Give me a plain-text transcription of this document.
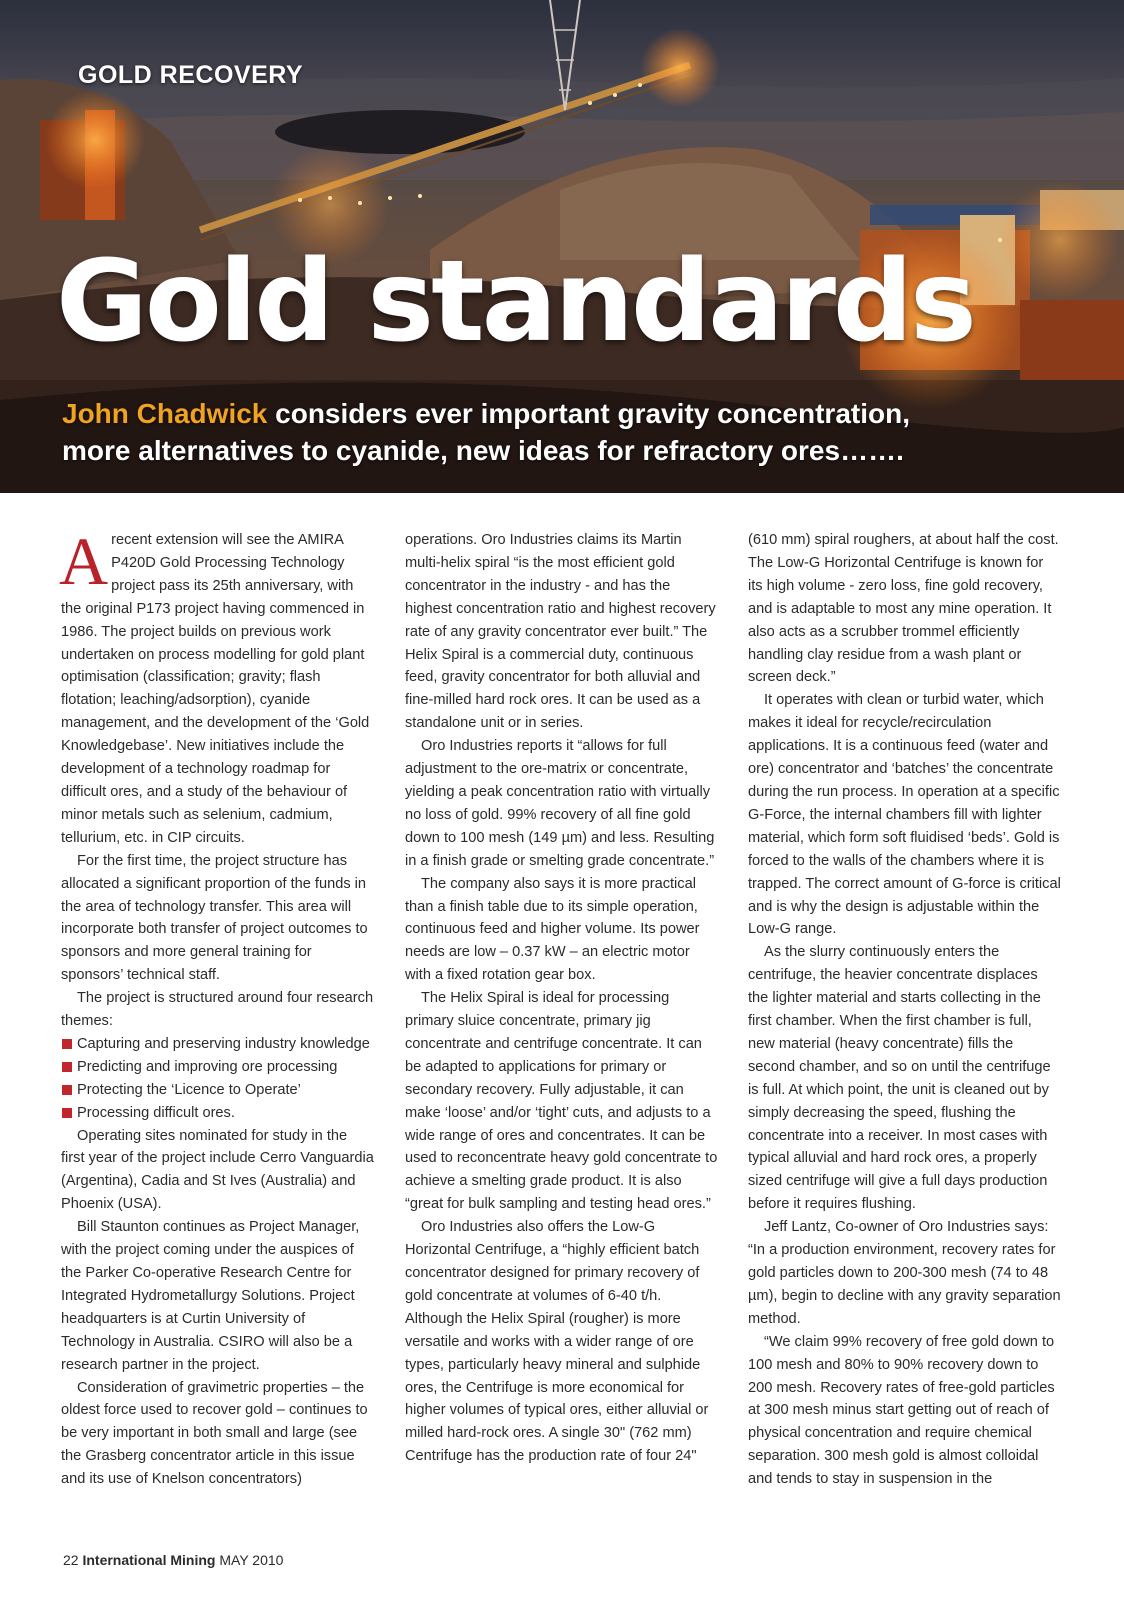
GOLD RECOVERY
Gold standards
John Chadwick considers ever important gravity concentration,
more alternatives to cyanide, new ideas for refractory ores…….

Arecent extension will see the AMIRA P420D Gold Processing Technology project pass its 25th anniversary, with the original P173 project having commenced in 1986. The project builds on previous work undertaken on process modelling for gold plant optimisation (classification; gravity; flash flotation; leaching/adsorption), cyanide management, and the development of the ‘Gold Knowledgebase’. New initiatives include the development of a technology roadmap for difficult ores, and a study of the behaviour of minor metals such as selenium, cadmium, tellurium, etc. in CIP circuits.

For the first time, the project structure has allocated a significant proportion of the funds in the area of technology transfer. This area will incorporate both transfer of project outcomes to sponsors and more general training for sponsors’ technical staff.

The project is structured around four research themes:

Capturing and preserving industry knowledge
Predicting and improving ore processing
Protecting the ‘Licence to Operate’
Processing difficult ores.

Operating sites nominated for study in the first year of the project include Cerro Vanguardia (Argentina), Cadia and St Ives (Australia) and Phoenix (USA).

Bill Staunton continues as Project Manager, with the project coming under the auspices of the Parker Co-operative Research Centre for Integrated Hydrometallurgy Solutions. Project headquarters is at Curtin University of Technology in Australia. CSIRO will also be a research partner in the project.

Consideration of gravimetric properties – the oldest force used to recover gold – continues to be very important in both small and large (see the Grasberg concentrator article in this issue and its use of Knelson concentrators)

operations. Oro Industries claims its Martin multi-helix spiral “is the most efficient gold concentrator in the industry - and has the highest concentration ratio and highest recovery rate of any gravity concentrator ever built.” The Helix Spiral is a commercial duty, continuous feed, gravity concentrator for both alluvial and fine-milled hard rock ores. It can be used as a standalone unit or in series.

Oro Industries reports it “allows for full adjustment to the ore-matrix or concentrate, yielding a peak concentration ratio with virtually no loss of gold. 99% recovery of all fine gold down to 100 mesh (149 µm) and less. Resulting in a finish grade or smelting grade concentrate.”

The company also says it is more practical than a finish table due to its simple operation, continuous feed and higher volume. Its power needs are low – 0.37 kW – an electric motor with a fixed rotation gear box.

The Helix Spiral is ideal for processing primary sluice concentrate, primary jig concentrate and centrifuge concentrate. It can be adapted to applications for primary or secondary recovery. Fully adjustable, it can make ‘loose’ and/or ‘tight’ cuts, and adjusts to a wide range of ores and concentrates. It can be used to reconcentrate heavy gold concentrate to achieve a smelting grade product. It is also “great for bulk sampling and testing head ores.”

Oro Industries also offers the Low-G Horizontal Centrifuge, a “highly efficient batch concentrator designed for primary recovery of gold concentrate at volumes of 6-40 t/h. Although the Helix Spiral (rougher) is more versatile and works with a wider range of ore types, particularly heavy mineral and sulphide ores, the Centrifuge is more economical for higher volumes of typical ores, either alluvial or milled hard-rock ores. A single 30" (762 mm) Centrifuge has the production rate of four 24"

(610 mm) spiral roughers, at about half the cost. The Low-G Horizontal Centrifuge is known for its high volume - zero loss, fine gold recovery, and is adaptable to most any mine operation. It also acts as a scrubber trommel efficiently handling clay residue from a wash plant or screen deck.”

It operates with clean or turbid water, which makes it ideal for recycle/recirculation applications. It is a continuous feed (water and ore) concentrator and ‘batches’ the concentrate during the run process. In operation at a specific G-Force, the internal chambers fill with lighter material, which form soft fluidised ‘beds’. Gold is forced to the walls of the chambers where it is trapped. The correct amount of G-force is critical and is why the design is adjustable within the Low-G range.

As the slurry continuously enters the centrifuge, the heavier concentrate displaces the lighter material and starts collecting in the first chamber. When the first chamber is full, new material (heavy concentrate) fills the second chamber, and so on until the centrifuge is full. At which point, the unit is cleaned out by simply decreasing the speed, flushing the concentrate into a receiver. In most cases with typical alluvial and hard rock ores, a properly sized centrifuge will give a full days production before it requires flushing.

Jeff Lantz, Co-owner of Oro Industries says: “In a production environment, recovery rates for gold particles down to 200-300 mesh (74 to 48 µm), begin to decline with any gravity separation method.

“We claim 99% recovery of free gold down to 100 mesh and 80% to 90% recovery down to 200 mesh. Recovery rates of free-gold particles at 300 mesh minus start getting out of reach of physical concentration and require chemical separation. 300 mesh gold is almost colloidal and tends to stay in suspension in the

22 International Mining MAY 2010
